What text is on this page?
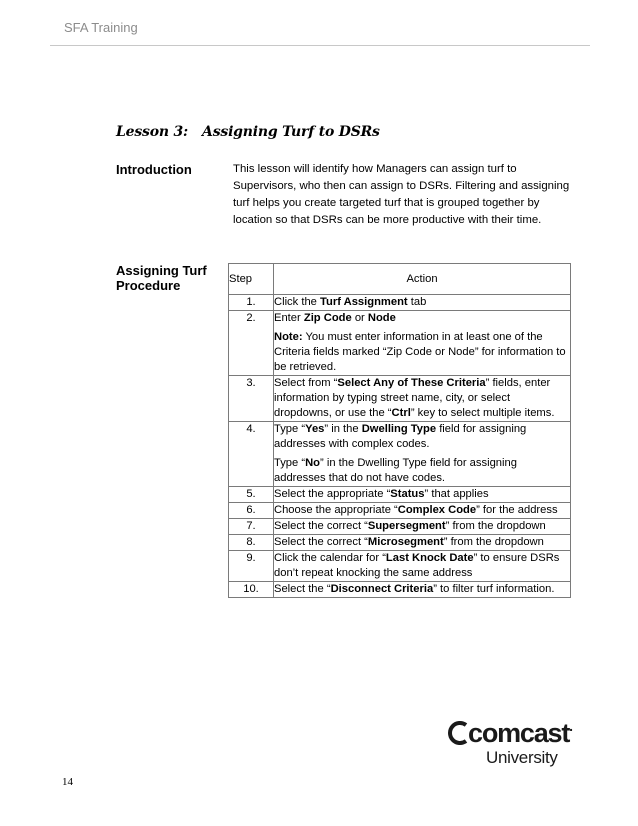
SFA Training
Lesson 3:   Assigning Turf to DSRs
Introduction	This lesson will identify how Managers can assign turf to Supervisors, who then can assign to DSRs. Filtering and assigning turf helps you create targeted turf that is grouped together by location so that DSRs can be more productive with their time.
Assigning Turf Procedure	Step	Action
1.	Click the Turf Assignment tab

2.	Enter Zip Code or Node
Note: You must enter information in at least one of the Criteria fields marked “Zip Code or Node” for information to be retrieved.

3.	Select from “Select Any of These Criteria” fields, enter information by typing street name, city, or select dropdowns, or use the “Ctrl” key to select multiple items.

4.	Type “Yes” in the Dwelling Type field for assigning addresses with complex codes.
Type “No” in the Dwelling Type field for assigning addresses that do not have codes.

5.	Select the appropriate “Status” that applies

6.	Choose the appropriate “Complex Code” for the address

7.	Select the correct “Supersegment” from the dropdown

8.	Select the correct “Microsegment” from the dropdown

9.	Click the calendar for “Last Knock Date” to ensure DSRs don’t repeat knocking the same address

10.	Select the “Disconnect Criteria” to filter turf information.
comcast.
University
14
